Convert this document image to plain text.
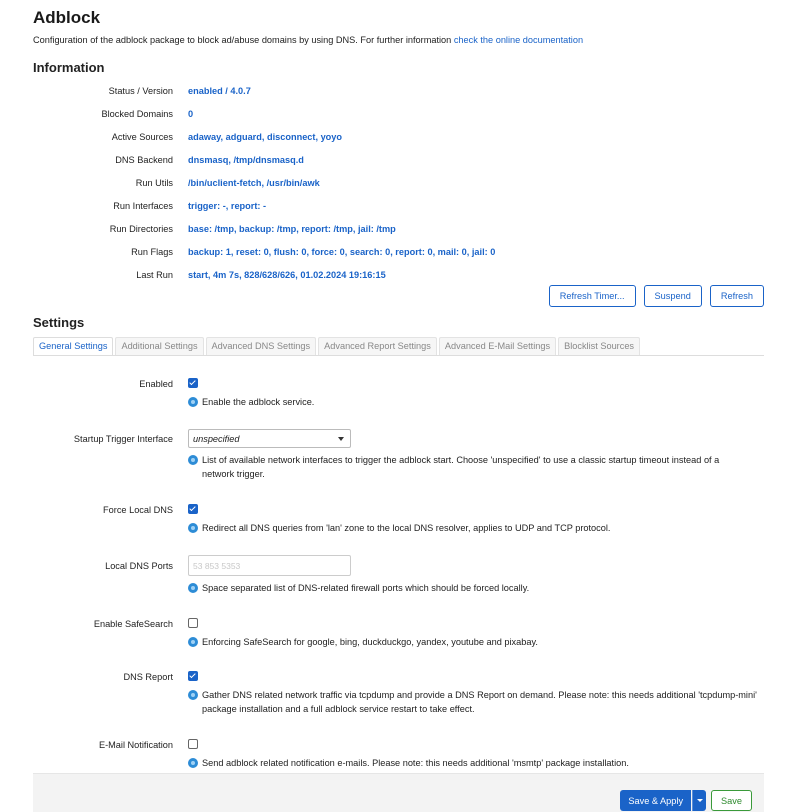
Adblock
Configuration of the adblock package to block ad/abuse domains by using DNS. For further information check the online documentation
Information
Status / Version	enabled / 4.0.7
Blocked Domains	0
Active Sources	adaway, adguard, disconnect, yoyo
DNS Backend	dnsmasq, /tmp/dnsmasq.d
Run Utils	/bin/uclient-fetch, /usr/bin/awk
Run Interfaces	trigger: -, report: -
Run Directories	base: /tmp, backup: /tmp, report: /tmp, jail: /tmp
Run Flags	backup: 1, reset: 0, flush: 0, force: 0, search: 0, report: 0, mail: 0, jail: 0
Last Run	start, 4m 7s, 828/628/626, 01.02.2024 19:16:15
Refresh Timer...	Suspend	Refresh
Settings
General Settings	Additional Settings	Advanced DNS Settings	Advanced Report Settings	Advanced E-Mail Settings	Blocklist Sources
Enabled
Enable the adblock service.
Startup Trigger Interface	unspecified
List of available network interfaces to trigger the adblock start. Choose 'unspecified' to use a classic startup timeout instead of a network trigger.
Force Local DNS
Redirect all DNS queries from 'lan' zone to the local DNS resolver, applies to UDP and TCP protocol.
Local DNS Ports
53 853 5353
Space separated list of DNS-related firewall ports which should be forced locally.
Enable SafeSearch
Enforcing SafeSearch for google, bing, duckduckgo, yandex, youtube and pixabay.
DNS Report
Gather DNS related network traffic via tcpdump and provide a DNS Report on demand. Please note: this needs additional 'tcpdump-mini' package installation and a full adblock service restart to take effect.
E-Mail Notification
Send adblock related notification e-mails. Please note: this needs additional 'msmtp' package installation.
Save & Apply	Save
